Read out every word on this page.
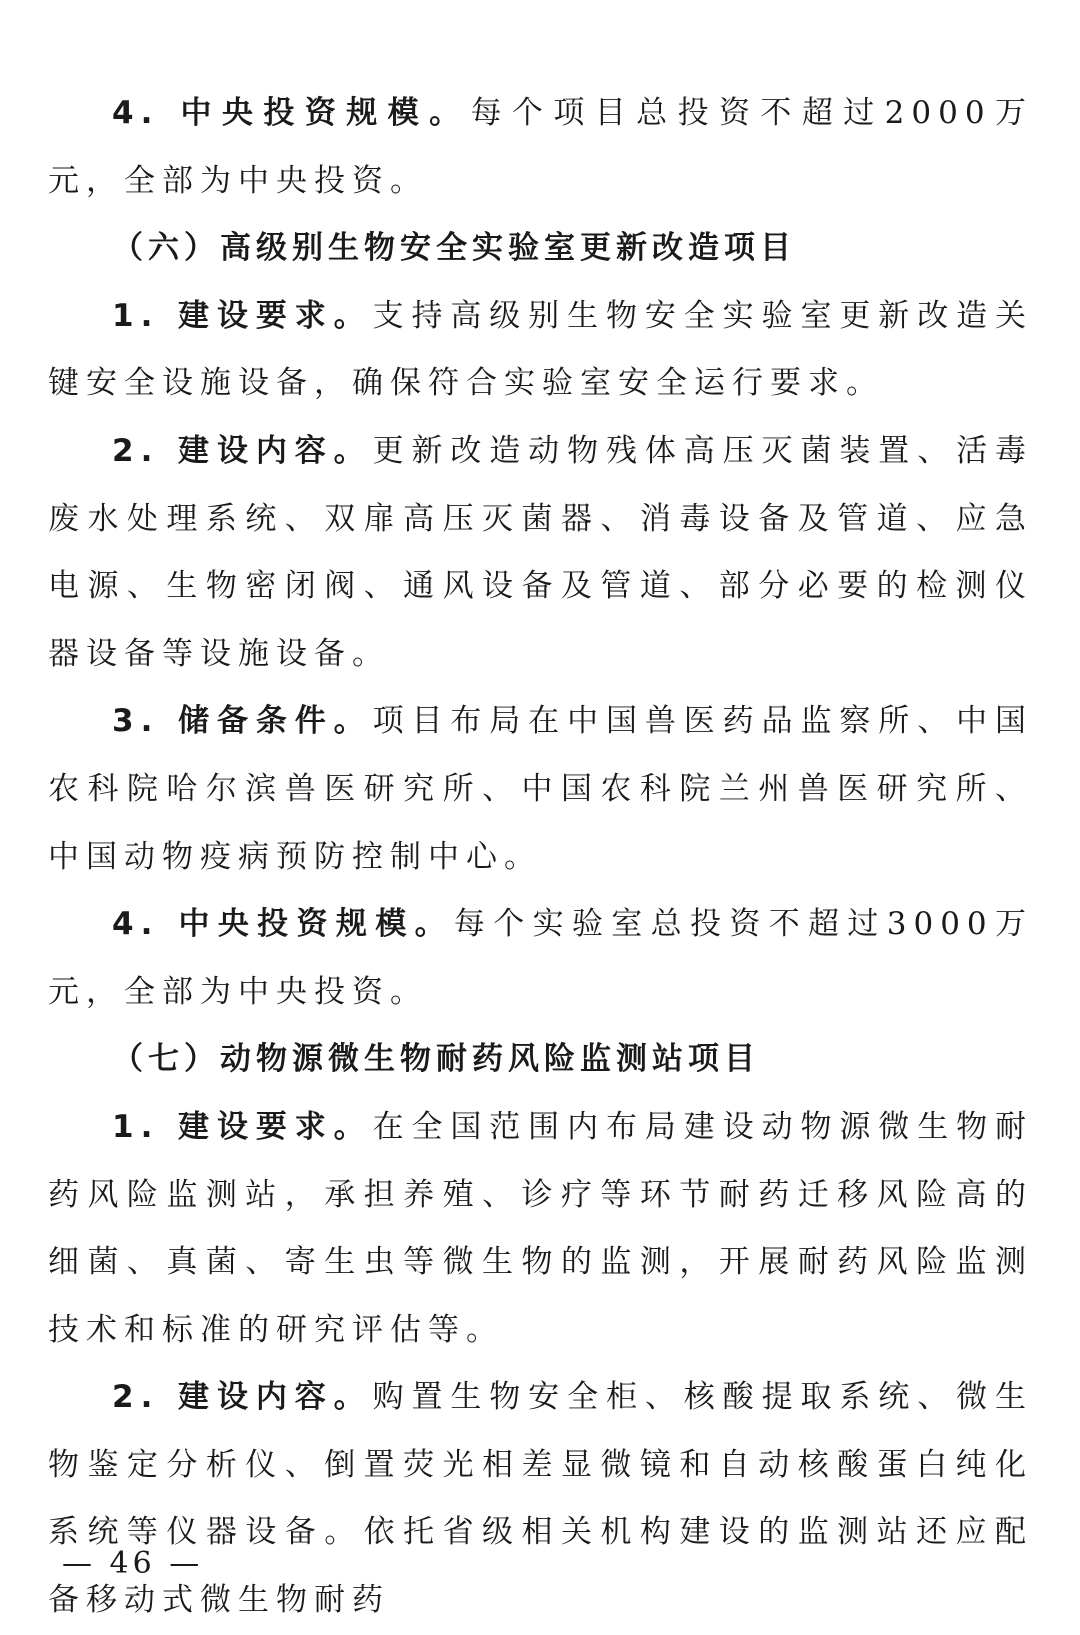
4. 中央投资规模。每个项目总投资不超过2000万元，全部为中央投资。

（六）高级别生物安全实验室更新改造项目

1. 建设要求。支持高级别生物安全实验室更新改造关键安全设施设备，确保符合实验室安全运行要求。

2. 建设内容。更新改造动物残体高压灭菌装置、活毒废水处理系统、双扉高压灭菌器、消毒设备及管道、应急电源、生物密闭阀、通风设备及管道、部分必要的检测仪器设备等设施设备。

3. 储备条件。项目布局在中国兽医药品监察所、中国农科院哈尔滨兽医研究所、中国农科院兰州兽医研究所、中国动物疫病预防控制中心。

4. 中央投资规模。每个实验室总投资不超过3000万元，全部为中央投资。

（七）动物源微生物耐药风险监测站项目

1. 建设要求。在全国范围内布局建设动物源微生物耐药风险监测站，承担养殖、诊疗等环节耐药迁移风险高的细菌、真菌、寄生虫等微生物的监测，开展耐药风险监测技术和标准的研究评估等。

2. 建设内容。购置生物安全柜、核酸提取系统、微生物鉴定分析仪、倒置荧光相差显微镜和自动核酸蛋白纯化系统等仪器设备。依托省级相关机构建设的监测站还应配备移动式微生物耐药

— 46 —
